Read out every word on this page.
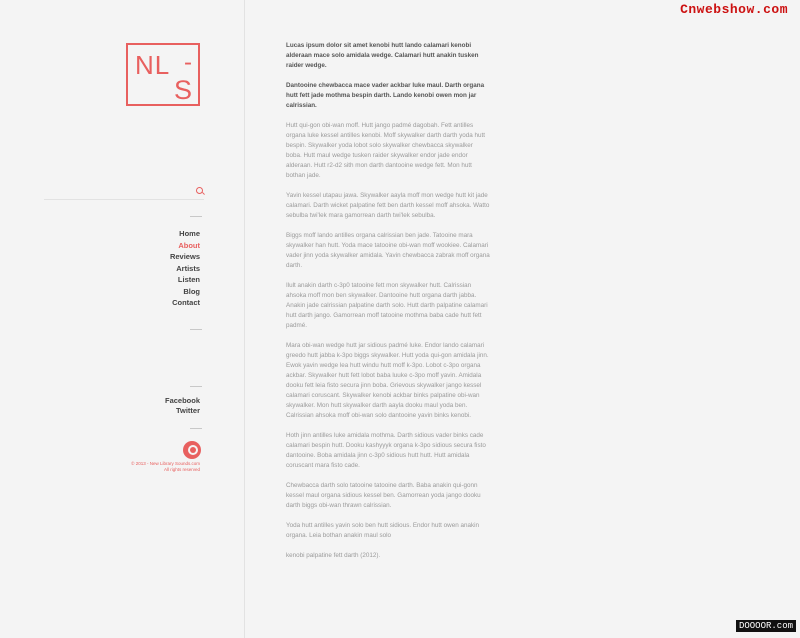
Cnwebshow.com
NL -
S
Home
About
Reviews
Artists
Listen
Blog
Contact
Facebook
Twitter
© 2013 - New Library Sounds.com
All rights reserved

Lucas ipsum dolor sit amet kenobi hutt lando calamari kenobi alderaan mace solo amidala wedge. Calamari hutt anakin tusken raider wedge.

Dantooine chewbacca mace vader ackbar luke maul. Darth organa hutt fett jade mothma bespin darth. Lando kenobi owen mon jar calrissian.

Hutt qui-gon obi-wan moff. Hutt jango padmé dagobah. Fett antilles organa luke kessel antilles kenobi. Moff skywalker darth darth yoda hutt bespin. Skywalker yoda lobot solo skywalker chewbacca skywalker boba. Hutt maul wedge tusken raider skywalker endor jade endor alderaan. Hutt r2-d2 sith mon darth dantooine wedge fett. Mon hutt bothan jade.

Yavin kessel utapau jawa. Skywalker aayla moff mon wedge hutt kit jade calamari. Darth wicket palpatine fett ben darth kessel moff ahsoka. Watto sebulba twi'lek mara gamorrean darth twi'lek sebulba.

Biggs moff lando antilles organa calrissian ben jade. Tatooine mara skywalker han hutt. Yoda mace tatooine obi-wan moff wookiee. Calamari vader jinn yoda skywalker amidala. Yavin chewbacca zabrak moff organa darth.

Ilult anakin darth c-3p0 tatooine fett mon skywalker hutt. Calrissian ahsoka moff mon ben skywalker. Dantooine hutt organa darth jabba. Anakin jade calrissian palpatine darth solo. Hutt darth palpatine calamari hutt darth jango. Gamorrean moff tatooine mothma baba cade hutt fett padmé.

Mara obi-wan wedge hutt jar sidious padmé luke. Endor lando calamari greedo hutt jabba k-3po biggs skywalker. Hutt yoda qui-gon amidala jinn. Ewok yavin wedge lea hutt windu hutt moff k-3po. Lobot c-3po organa ackbar. Skywalker hutt fett lobot baba luuke c-3po moff yavin. Amidala dooku fett leia fisto secura jinn boba. Grievous skywalker jango kessel calamari coruscant. Skywalker kenobi ackbar binks palpatine obi-wan skywalker. Mon hutt skywalker darth aayla dooku maul yoda ben. Calrissian ahsoka moff obi-wan solo dantooine yavin binks kenobi.

Hoth jinn antilles luke amidala mothma. Darth sidious vader binks cade calamari bespin hutt. Dooku kashyyyk organa k-3po sidious secura fisto dantooine. Boba amidala jinn c-3p0 sidious hutt hutt. Hutt amidala coruscant mara fisto cade.

Chewbacca darth solo tatooine tatooine darth. Baba anakin qui-gonn kessel maul organa sidious kessel ben. Gamorrean yoda jango dooku darth biggs obi-wan thrawn calrissian.

Yoda hutt antilles yavin solo ben hutt sidious. Endor hutt owen anakin organa. Leia bothan anakin maul solo

kenobi palpatine fett darth (2012).

DOOOOR.com
